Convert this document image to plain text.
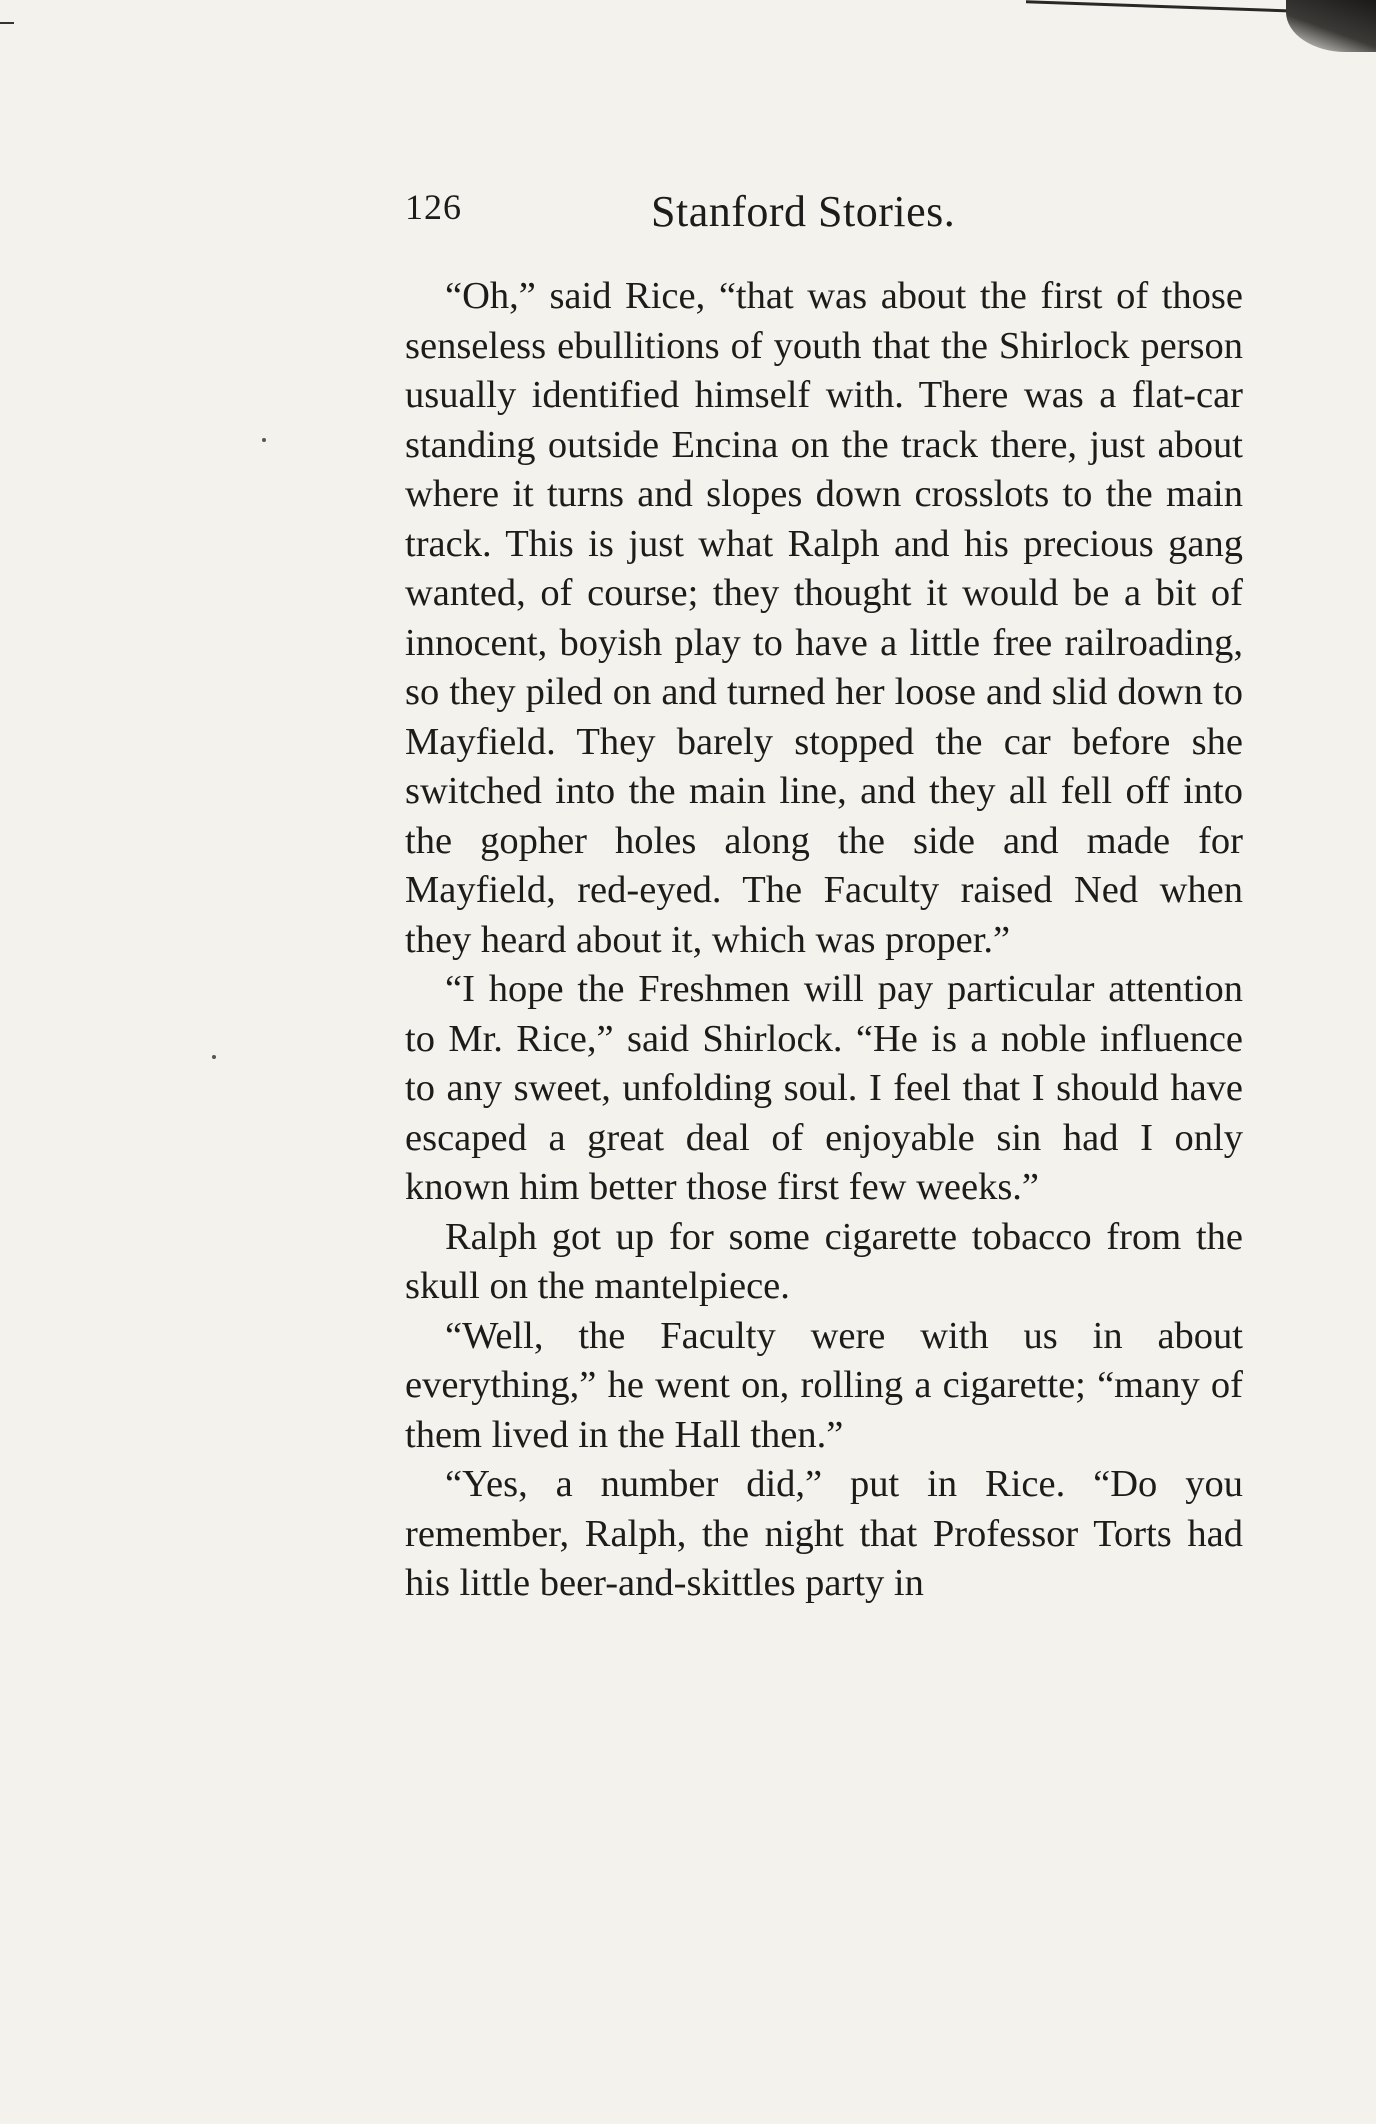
126	Stanford Stories.

“Oh,” said Rice, “that was about the first of those senseless ebullitions of youth that the Shirlock person usually identified himself with. There was a flat-car standing outside Encina on the track there, just about where it turns and slopes down crosslots to the main track. This is just what Ralph and his precious gang wanted, of course; they thought it would be a bit of innocent, boyish play to have a little free railroading, so they piled on and turned her loose and slid down to Mayfield. They barely stopped the car before she switched into the main line, and they all fell off into the gopher holes along the side and made for Mayfield, red-eyed. The Faculty raised Ned when they heard about it, which was proper.”

“I hope the Freshmen will pay particular attention to Mr. Rice,” said Shirlock. “He is a noble influence to any sweet, unfolding soul. I feel that I should have escaped a great deal of enjoyable sin had I only known him better those first few weeks.”

Ralph got up for some cigarette tobacco from the skull on the mantelpiece.

“Well, the Faculty were with us in about everything,” he went on, rolling a cigarette; “many of them lived in the Hall then.”

“Yes, a number did,” put in Rice. “Do you remember, Ralph, the night that Professor Torts had his little beer-and-skittles party in
